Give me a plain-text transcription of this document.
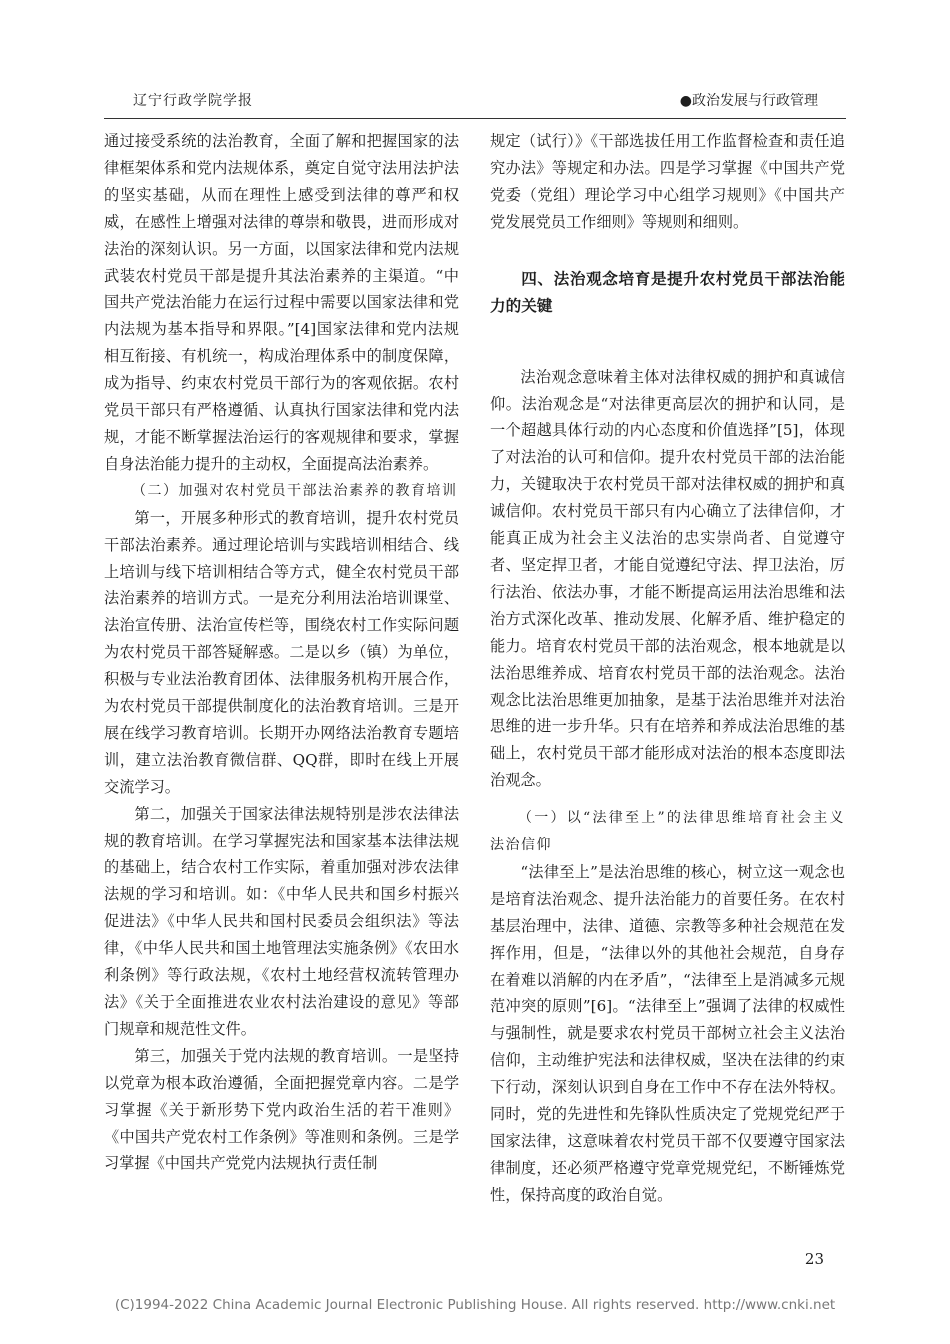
辽宁行政学院学报	●政治发展与行政管理

通过接受系统的法治教育，全面了解和把握国家的法律框架体系和党内法规体系，奠定自觉守法用法护法的坚实基础，从而在理性上感受到法律的尊严和权威，在感性上增强对法律的尊崇和敬畏，进而形成对法治的深刻认识。另一方面，以国家法律和党内法规武装农村党员干部是提升其法治素养的主渠道。“中国共产党法治能力在运行过程中需要以国家法律和党内法规为基本指导和界限。”[4]国家法律和党内法规相互衔接、有机统一，构成治理体系中的制度保障，成为指导、约束农村党员干部行为的客观依据。农村党员干部只有严格遵循、认真执行国家法律和党内法规，才能不断掌握法治运行的客观规律和要求，掌握自身法治能力提升的主动权，全面提高法治素养。

（二）加强对农村党员干部法治素养的教育培训

第一，开展多种形式的教育培训，提升农村党员干部法治素养。通过理论培训与实践培训相结合、线上培训与线下培训相结合等方式，健全农村党员干部法治素养的培训方式。一是充分利用法治培训课堂、法治宣传册、法治宣传栏等，围绕农村工作实际问题为农村党员干部答疑解惑。二是以乡（镇）为单位，积极与专业法治教育团体、法律服务机构开展合作，为农村党员干部提供制度化的法治教育培训。三是开展在线学习教育培训。长期开办网络法治教育专题培训，建立法治教育微信群、QQ群，即时在线上开展交流学习。

第二，加强关于国家法律法规特别是涉农法律法规的教育培训。在学习掌握宪法和国家基本法律法规的基础上，结合农村工作实际，着重加强对涉农法律法规的学习和培训。如：《中华人民共和国乡村振兴促进法》《中华人民共和国村民委员会组织法》等法律，《中华人民共和国土地管理法实施条例》《农田水利条例》等行政法规，《农村土地经营权流转管理办法》《关于全面推进农业农村法治建设的意见》等部门规章和规范性文件。

第三，加强关于党内法规的教育培训。一是坚持以党章为根本政治遵循，全面把握党章内容。二是学习掌握《关于新形势下党内政治生活的若干准则》《中国共产党农村工作条例》等准则和条例。三是学习掌握《中国共产党党内法规执行责任制

规定（试行）》《干部选拔任用工作监督检查和责任追究办法》等规定和办法。四是学习掌握《中国共产党党委（党组）理论学习中心组学习规则》《中国共产党发展党员工作细则》等规则和细则。

四、法治观念培育是提升农村党员干部法治能力的关键

法治观念意味着主体对法律权威的拥护和真诚信仰。法治观念是“对法律更高层次的拥护和认同，是一个超越具体行动的内心态度和价值选择”[5]，体现了对法治的认可和信仰。提升农村党员干部的法治能力，关键取决于农村党员干部对法律权威的拥护和真诚信仰。农村党员干部只有内心确立了法律信仰，才能真正成为社会主义法治的忠实崇尚者、自觉遵守者、坚定捍卫者，才能自觉遵纪守法、捍卫法治，厉行法治、依法办事，才能不断提高运用法治思维和法治方式深化改革、推动发展、化解矛盾、维护稳定的能力。培育农村党员干部的法治观念，根本地就是以法治思维养成、培育农村党员干部的法治观念。法治观念比法治思维更加抽象，是基于法治思维并对法治思维的进一步升华。只有在培养和养成法治思维的基础上，农村党员干部才能形成对法治的根本态度即法治观念。

（一）以“法律至上”的法律思维培育社会主义法治信仰

“法律至上”是法治思维的核心，树立这一观念也是培育法治观念、提升法治能力的首要任务。在农村基层治理中，法律、道德、宗教等多种社会规范在发挥作用，但是，“法律以外的其他社会规范，自身存在着难以消解的内在矛盾”，“法律至上是消减多元规范冲突的原则”[6]。“法律至上”强调了法律的权威性与强制性，就是要求农村党员干部树立社会主义法治信仰，主动维护宪法和法律权威，坚决在法律的约束下行动，深刻认识到自身在工作中不存在法外特权。同时，党的先进性和先锋队性质决定了党规党纪严于国家法律，这意味着农村党员干部不仅要遵守国家法律制度，还必须严格遵守党章党规党纪，不断锤炼党性，保持高度的政治自觉。

23
(C)1994-2022 China Academic Journal Electronic Publishing House. All rights reserved. http://www.cnki.net
